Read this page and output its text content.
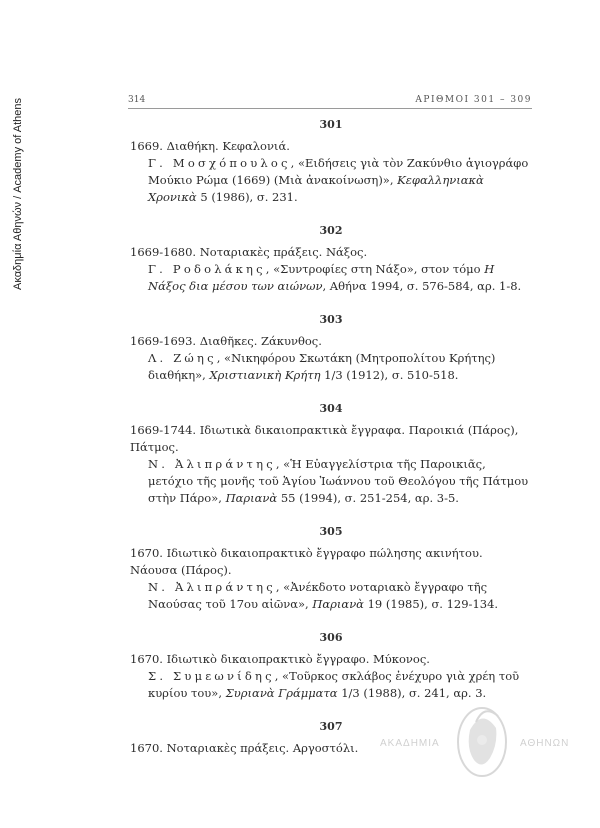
Ακαδημία Αθηνών / Academy of Athens	314	ΑΡΙΘΜΟΙ 301 – 309
301

1669. Διαθήκη. Κεφαλονιά.

Γ. Μοσχόπουλος, «Ειδήσεις γιὰ τὸν Ζακύνθιο ἁγιογράφο Μούκιο Ρώμα (1669) (Μιὰ ἀνακοίνωση)», Κεφαλληνιακὰ Χρονικὰ 5 (1986), σ. 231.

302

1669-1680. Νοταριακὲς πράξεις. Νάξος.

Γ. Ροδολάκης, «Συντροφίες στη Νάξο», στον τόμο Η Νάξος δια μέσου των αιώνων, Αθήνα 1994, σ. 576-584, αρ. 1-8.

303

1669-1693. Διαθῆκες. Ζάκυνθος.

Λ. Ζώης, «Νικηφόρου Σκωτάκη (Μητροπολίτου Κρήτης) διαθήκη», Χριστιανικὴ Κρήτη 1/3 (1912), σ. 510-518.

304

1669-1744. Ιδιωτικὰ δικαιοπρακτικὰ ἔγγραφα. Παροικιά (Πάρος), Πάτμος.

Ν. Ἀλιπράντης, «Ἡ Εὐαγγελίστρια τῆς Παροικιᾶς, μετόχιο τῆς μονῆς τοῦ Ἁγίου Ἰωάννου τοῦ Θεολόγου τῆς Πάτμου στὴν Πάρο», Παριανὰ 55 (1994), σ. 251-254, αρ. 3-5.

305

1670. Ιδιωτικὸ δικαιοπρακτικὸ ἔγγραφο πώλησης ακινήτου. Νάουσα (Πάρος).

Ν. Ἀλιπράντης, «Ἀνέκδοτο νοταριακὸ ἔγγραφο τῆς Ναούσας τοῦ 17ου αἰῶνα», Παριανὰ 19 (1985), σ. 129-134.

306

1670. Ιδιωτικὸ δικαιοπρακτικὸ ἔγγραφο. Μύκονος.

Σ. Συμεωνίδης, «Τοῦρκος σκλάβος ἐνέχυρο γιὰ χρέη τοῦ κυρίου του», Συριανὰ Γράμματα 1/3 (1988), σ. 241, αρ. 3.

307

1670. Νοταριακὲς πράξεις. Αργοστόλι.	ΑΚΑΔΗΜΙΑ	ΑΘΗΝΩΝ
